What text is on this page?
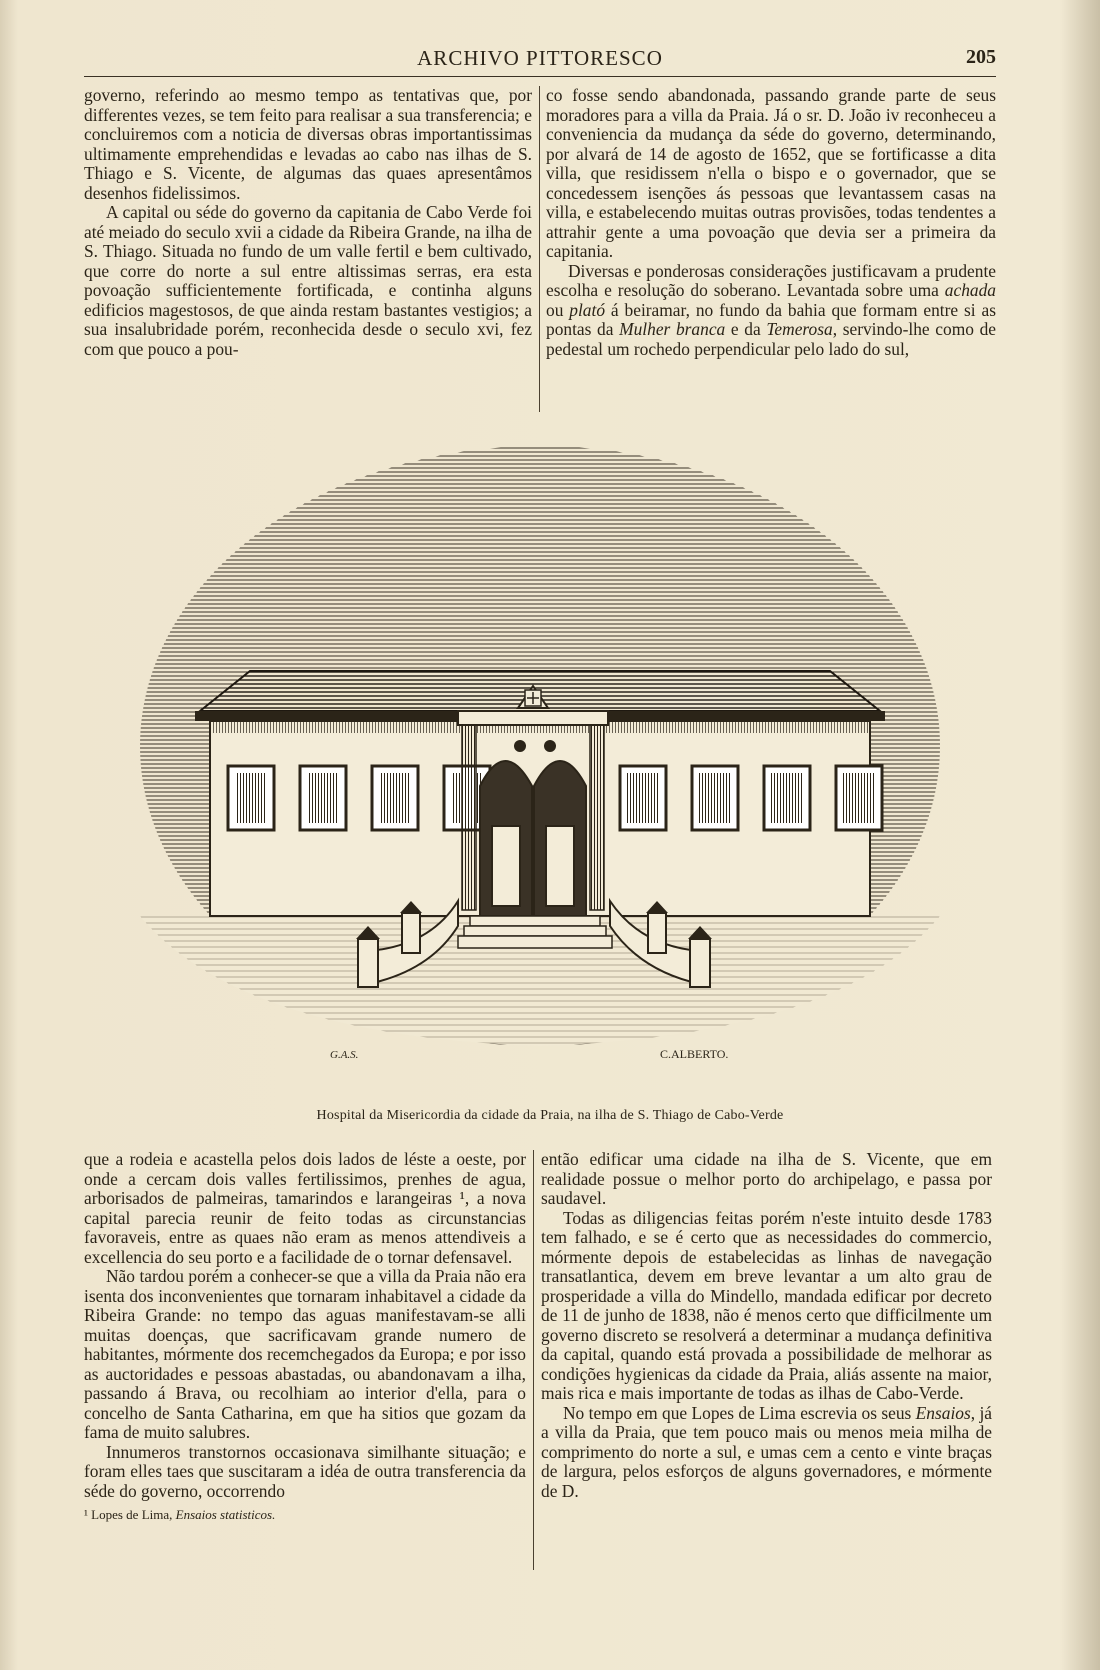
ARCHIVO PITTORESCO	205

governo, referindo ao mesmo tempo as tentativas que, por differentes vezes, se tem feito para realisar a sua transferencia; e concluiremos com a noticia de diversas obras importantissimas ultimamente emprehendidas e levadas ao cabo nas ilhas de S. Thiago e S. Vicente, de algumas das quaes apresentâmos desenhos fidelissimos.

A capital ou séde do governo da capitania de Cabo Verde foi até meiado do seculo xvii a cidade da Ribeira Grande, na ilha de S. Thiago. Situada no fundo de um valle fertil e bem cultivado, que corre do norte a sul entre altissimas serras, era esta povoação sufficientemente fortificada, e continha alguns edificios magestosos, de que ainda restam bastantes vestigios; a sua insalubridade porém, reconhecida desde o seculo xvi, fez com que pouco a pou-

co fosse sendo abandonada, passando grande parte de seus moradores para a villa da Praia. Já o sr. D. João iv reconheceu a conveniencia da mudança da séde do governo, determinando, por alvará de 14 de agosto de 1652, que se fortificasse a dita villa, que residissem n'ella o bispo e o governador, que se concedessem isenções ás pessoas que levantassem casas na villa, e estabelecendo muitas outras provisões, todas tendentes a attrahir gente a uma povoação que devia ser a primeira da capitania.

Diversas e ponderosas considerações justificavam a prudente escolha e resolução do soberano. Levantada sobre uma achada ou plató á beiramar, no fundo da bahia que formam entre si as pontas da Mulher branca e da Temerosa, servindo-lhe como de pedestal um rochedo perpendicular pelo lado do sul,

G.A.S.	C.ALBERTO.
Hospital da Misericordia da cidade da Praia, na ilha de S. Thiago de Cabo-Verde

que a rodeia e acastella pelos dois lados de léste a oeste, por onde a cercam dois valles fertilissimos, prenhes de agua, arborisados de palmeiras, tamarindos e larangeiras ¹, a nova capital parecia reunir de feito todas as circunstancias favoraveis, entre as quaes não eram as menos attendiveis a excellencia do seu porto e a facilidade de o tornar defensavel.

Não tardou porém a conhecer-se que a villa da Praia não era isenta dos inconvenientes que tornaram inhabitavel a cidade da Ribeira Grande: no tempo das aguas manifestavam-se alli muitas doenças, que sacrificavam grande numero de habitantes, mórmente dos recemchegados da Europa; e por isso as auctoridades e pessoas abastadas, ou abandonavam a ilha, passando á Brava, ou recolhiam ao interior d'ella, para o concelho de Santa Catharina, em que ha sitios que gozam da fama de muito salubres.

Innumeros transtornos occasionava similhante situação; e foram elles taes que suscitaram a idéa de outra transferencia da séde do governo, occorrendo

¹ Lopes de Lima, Ensaios statisticos.

então edificar uma cidade na ilha de S. Vicente, que em realidade possue o melhor porto do archipelago, e passa por saudavel.

Todas as diligencias feitas porém n'este intuito desde 1783 tem falhado, e se é certo que as necessidades do commercio, mórmente depois de estabelecidas as linhas de navegação transatlantica, devem em breve levantar a um alto grau de prosperidade a villa do Mindello, mandada edificar por decreto de 11 de junho de 1838, não é menos certo que difficilmente um governo discreto se resolverá a determinar a mudança definitiva da capital, quando está provada a possibilidade de melhorar as condições hygienicas da cidade da Praia, aliás assente na maior, mais rica e mais importante de todas as ilhas de Cabo-Verde.

No tempo em que Lopes de Lima escrevia os seus Ensaios, já a villa da Praia, que tem pouco mais ou menos meia milha de comprimento do norte a sul, e umas cem a cento e vinte braças de largura, pelos esforços de alguns governadores, e mórmente de D.
